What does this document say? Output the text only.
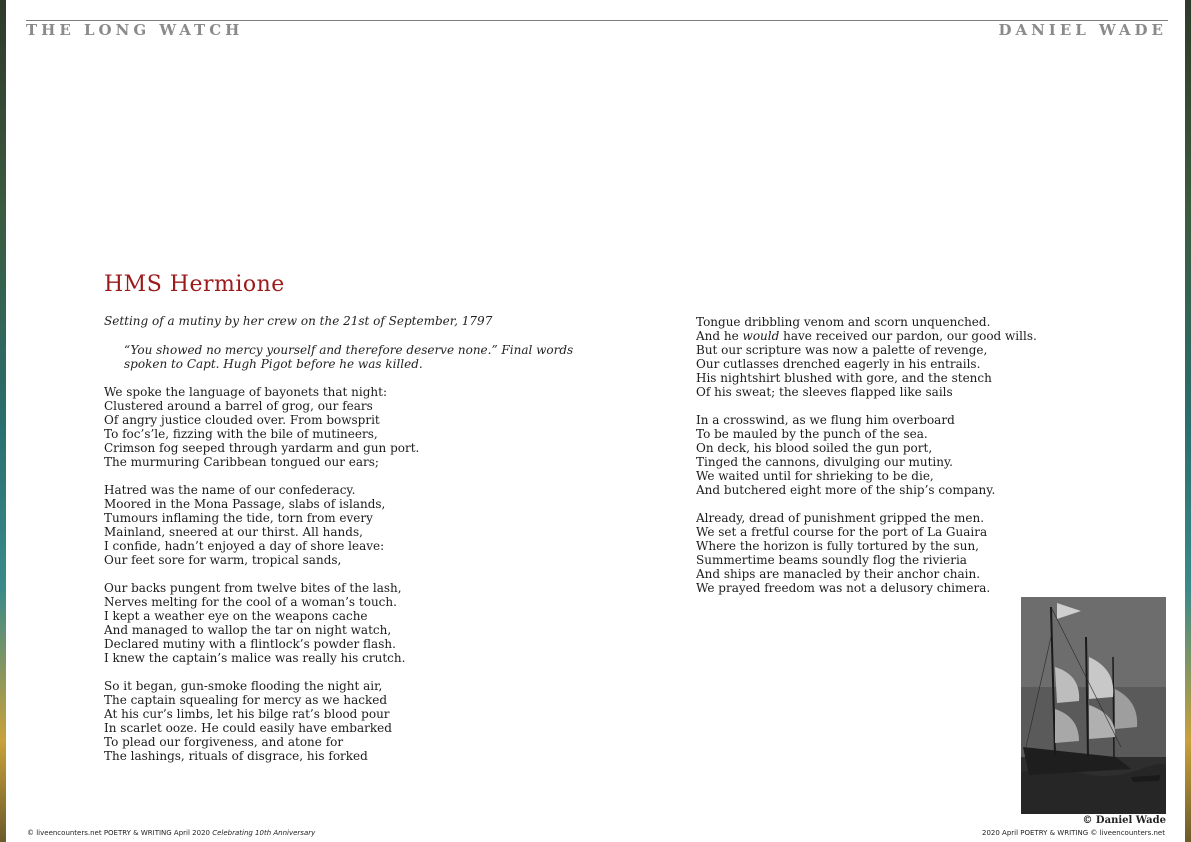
THE LONG WATCH	DANIEL WADE
HMS Hermione
Setting of a mutiny by her crew on the 21st of September, 1797
“You showed no mercy yourself and therefore deserve none.” Final words
spoken to Capt. Hugh Pigot before he was killed.
We spoke the language of bayonets that night:
Clustered around a barrel of grog, our fears
Of angry justice clouded over. From bowsprit
To foc’s’le, fizzing with the bile of mutineers,
Crimson fog seeped through yardarm and gun port.
The murmuring Caribbean tongued our ears;
Hatred was the name of our confederacy.
Moored in the Mona Passage, slabs of islands,
Tumours inflaming the tide, torn from every
Mainland, sneered at our thirst. All hands,
I confide, hadn’t enjoyed a day of shore leave:
Our feet sore for warm, tropical sands,
Our backs pungent from twelve bites of the lash,
Nerves melting for the cool of a woman’s touch.
I kept a weather eye on the weapons cache
And managed to wallop the tar on night watch,
Declared mutiny with a flintlock’s powder flash.
I knew the captain’s malice was really his crutch.
So it began, gun-smoke flooding the night air,
The captain squealing for mercy as we hacked
At his cur’s limbs, let his bilge rat’s blood pour
In scarlet ooze. He could easily have embarked
To plead our forgiveness, and atone for
The lashings, rituals of disgrace, his forked
Tongue dribbling venom and scorn unquenched.
And he would have received our pardon, our good wills.
But our scripture was now a palette of revenge,
Our cutlasses drenched eagerly in his entrails.
His nightshirt blushed with gore, and the stench
Of his sweat; the sleeves flapped like sails
In a crosswind, as we flung him overboard
To be mauled by the punch of the sea.
On deck, his blood soiled the gun port,
Tinged the cannons, divulging our mutiny.
We waited until for shrieking to be die,
And butchered eight more of the ship’s company.
Already, dread of punishment gripped the men.
We set a fretful course for the port of La Guaira
Where the horizon is fully tortured by the sun,
Summertime beams soundly flog the rivieria
And ships are manacled by their anchor chain.
We prayed freedom was not a delusory chimera.
© Daniel Wade
© liveencounters.net POETRY & WRITING April 2020 Celebrating 10th Anniversary	2020 April POETRY & WRITING © liveencounters.net
